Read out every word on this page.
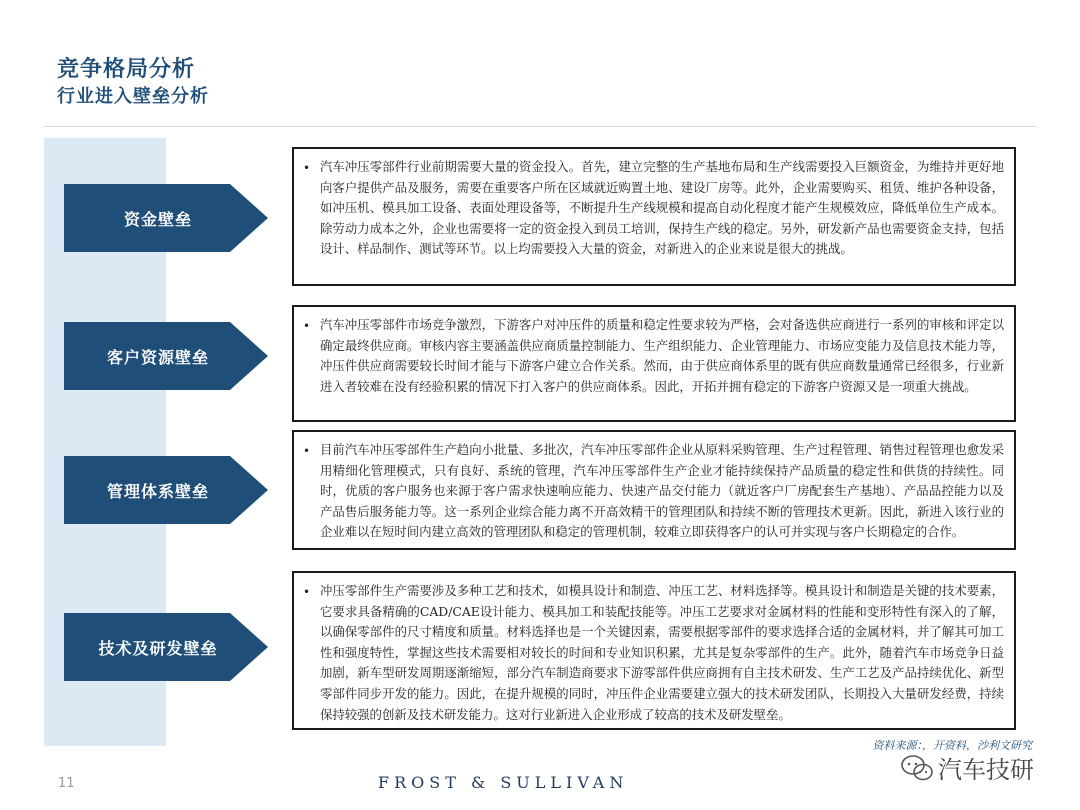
竞争格局分析
行业进入壁垒分析
资金壁垒
• 汽车冲压零部件行业前期需要大量的资金投入。首先，建立完整的生产基地布局和生产线需要投入巨额资金，为维持并更好地向客户提供产品及服务，需要在重要客户所在区域就近购置土地、建设厂房等。此外，企业需要购买、租赁、维护各种设备，如冲压机、模具加工设备、表面处理设备等，不断提升生产线规模和提高自动化程度才能产生规模效应，降低单位生产成本。除劳动力成本之外，企业也需要将一定的资金投入到员工培训，保持生产线的稳定。另外，研发新产品也需要资金支持，包括设计、样品制作、测试等环节。以上均需要投入大量的资金，对新进入的企业来说是很大的挑战。

客户资源壁垒
• 汽车冲压零部件市场竞争激烈，下游客户对冲压件的质量和稳定性要求较为严格，会对备选供应商进行一系列的审核和评定以确定最终供应商。审核内容主要涵盖供应商质量控制能力、生产组织能力、企业管理能力、市场应变能力及信息技术能力等，冲压件供应商需要较长时间才能与下游客户建立合作关系。然而，由于供应商体系里的既有供应商数量通常已经很多，行业新进入者较难在没有经验积累的情况下打入客户的供应商体系。因此，开拓并拥有稳定的下游客户资源又是一项重大挑战。

管理体系壁垒
• 目前汽车冲压零部件生产趋向小批量、多批次，汽车冲压零部件企业从原料采购管理、生产过程管理、销售过程管理也愈发采用精细化管理模式，只有良好、系统的管理，汽车冲压零部件生产企业才能持续保持产品质量的稳定性和供货的持续性。同时，优质的客户服务也来源于客户需求快速响应能力、快速产品交付能力（就近客户厂房配套生产基地）、产品品控能力以及产品售后服务能力等。这一系列企业综合能力离不开高效精干的管理团队和持续不断的管理技术更新。因此，新进入该行业的企业难以在短时间内建立高效的管理团队和稳定的管理机制，较难立即获得客户的认可并实现与客户长期稳定的合作。

技术及研发壁垒
• 冲压零部件生产需要涉及多种工艺和技术，如模具设计和制造、冲压工艺、材料选择等。模具设计和制造是关键的技术要素，它要求具备精确的CAD/CAE设计能力、模具加工和装配技能等。冲压工艺要求对金属材料的性能和变形特性有深入的了解，以确保零部件的尺寸精度和质量。材料选择也是一个关键因素，需要根据零部件的要求选择合适的金属材料，并了解其可加工性和强度特性，掌握这些技术需要相对较长的时间和专业知识积累，尤其是复杂零部件的生产。此外，随着汽车市场竞争日益加剧，新车型研发周期逐渐缩短，部分汽车制造商要求下游零部件供应商拥有自主技术研发、生产工艺及产品持续优化、新型零部件同步开发的能力。因此，在提升规模的同时，冲压件企业需要建立强大的技术研发团队，长期投入大量研发经费，持续保持较强的创新及技术研发能力。这对行业新进入企业形成了较高的技术及研发壁垒。

资料来源：，开资料，沙利文研究
11	FROST & SULLIVAN	汽车技研
